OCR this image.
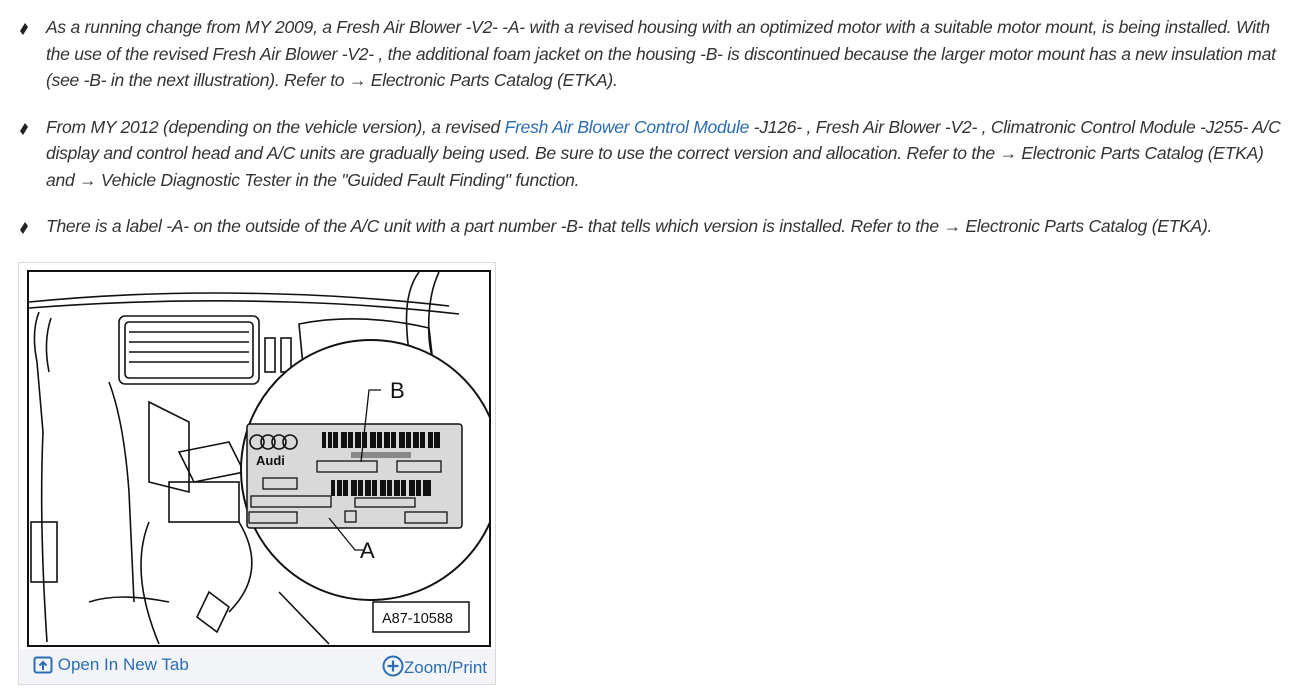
As a running change from MY 2009, a Fresh Air Blower -V2- -A- with a revised housing with an optimized motor with a suitable motor mount, is being installed. With the use of the revised Fresh Air Blower -V2- , the additional foam jacket on the housing -B- is discontinued because the larger motor mount has a new insulation mat (see -B- in the next illustration). Refer to → Electronic Parts Catalog (ETKA).
From MY 2012 (depending on the vehicle version), a revised Fresh Air Blower Control Module -J126- , Fresh Air Blower -V2- , Climatronic Control Module -J255- A/C display and control head and A/C units are gradually being used. Be sure to use the correct version and allocation. Refer to the → Electronic Parts Catalog (ETKA) and → Vehicle Diagnostic Tester in the "Guided Fault Finding" function.
There is a label -A- on the outside of the A/C unit with a part number -B- that tells which version is installed. Refer to the → Electronic Parts Catalog (ETKA).
Audi
B
A
A87-10588
Open In New Tab	Zoom/Print
